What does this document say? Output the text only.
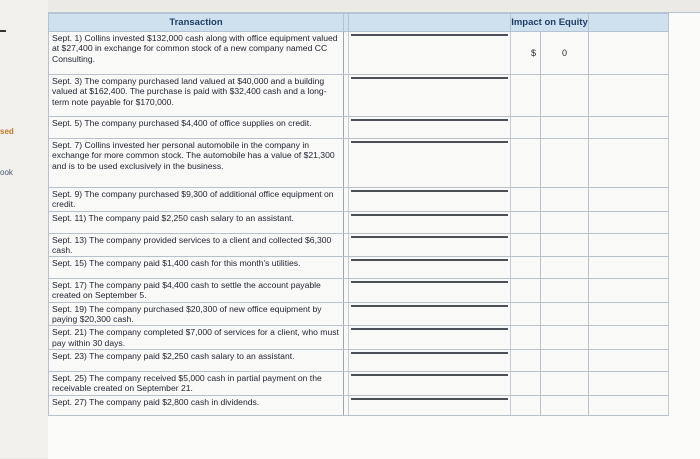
sed
ook
Transaction			Impact on Equity		
Sept. 1) Collins invested $132,000 cash along with office equipment valued at $27,400 in exchange for common stock of a new company named CC Consulting.			$	0	
Sept. 3) The company purchased land valued at $40,000 and a building valued at $162,400. The purchase is paid with $32,400 cash and a long-term note payable for $170,000.		

Sept. 5) The company purchased $4,400 of office supplies on credit.		

Sept. 7) Collins invested her personal automobile in the company in exchange for more common stock. The automobile has a value of $21,300 and is to be used exclusively in the business.		

Sept. 9) The company purchased $9,300 of additional office equipment on credit.		

Sept. 11) The company paid $2,250 cash salary to an assistant.		

Sept. 13) The company provided services to a client and collected $6,300 cash.		

Sept. 15) The company paid $1,400 cash for this month's utilities.		

Sept. 17) The company paid $4,400 cash to settle the account payable created on September 5.		

Sept. 19) The company purchased $20,300 of new office equipment by paying $20,300 cash.		

Sept. 21) The company completed $7,000 of services for a client, who must pay within 30 days.		

Sept. 23) The company paid $2,250 cash salary to an assistant.		

Sept. 25) The company received $5,000 cash in partial payment on the receivable created on September 21.		

Sept. 27) The company paid $2,800 cash in dividends.		
